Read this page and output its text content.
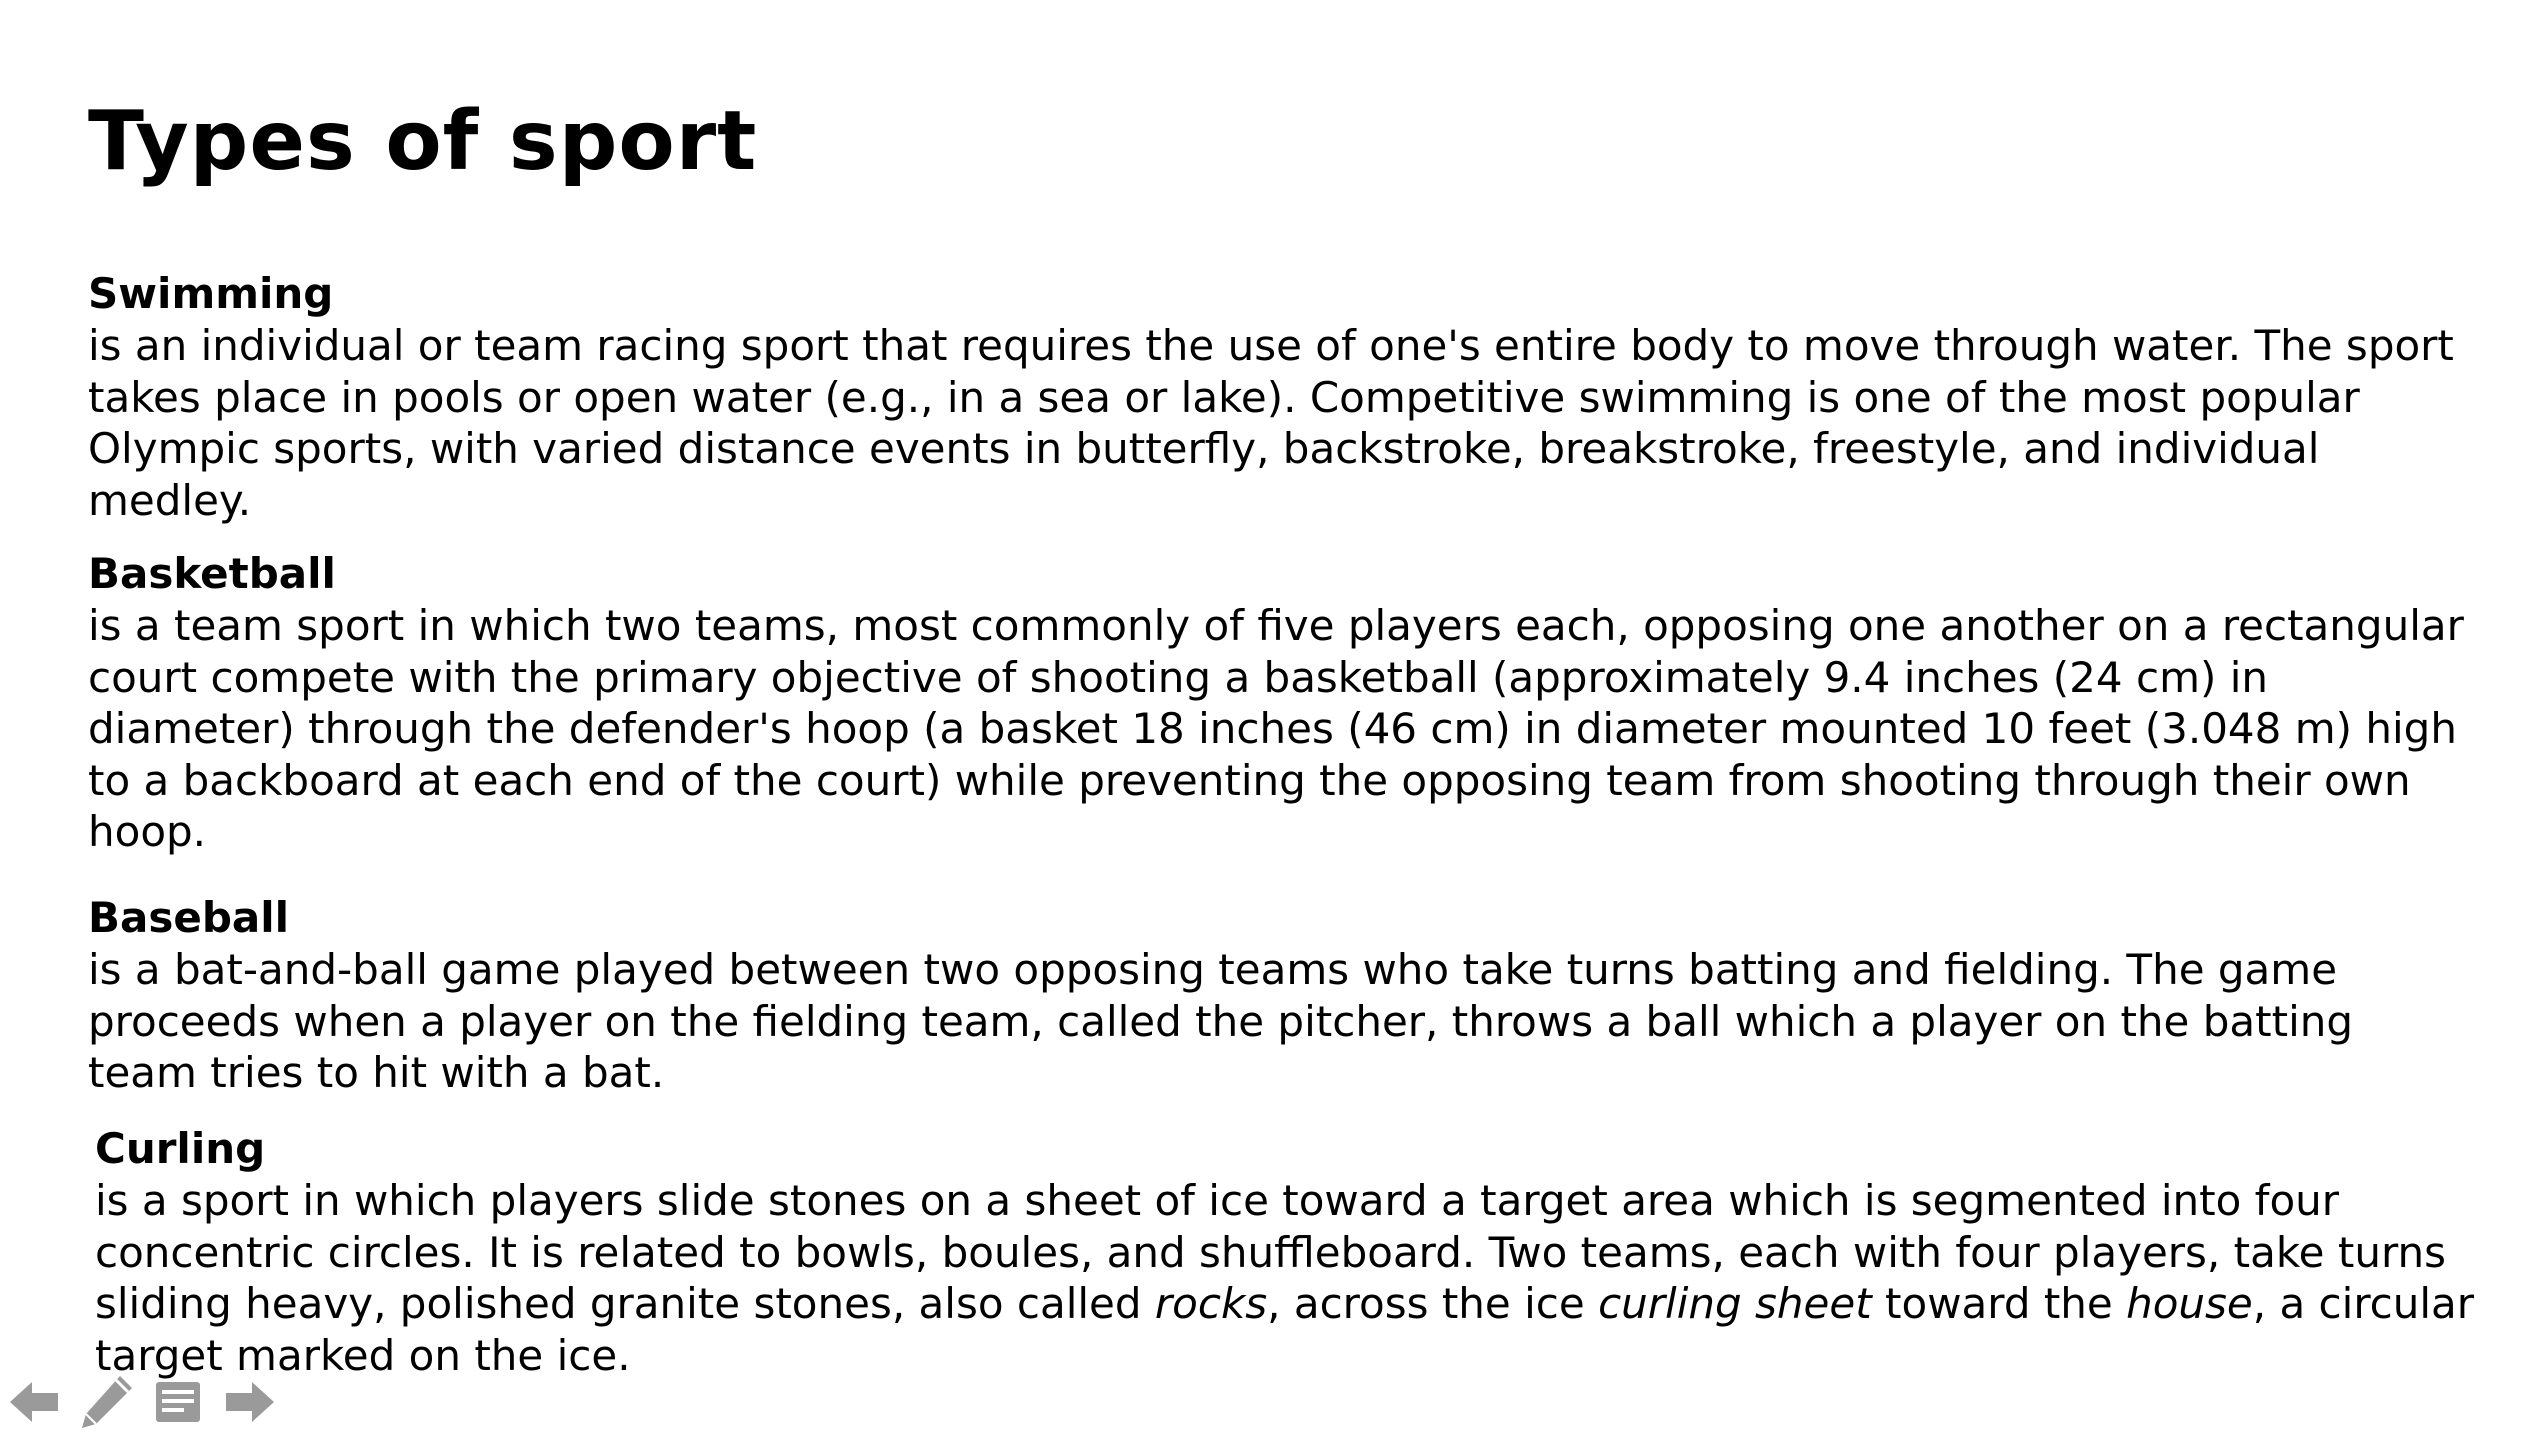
Types of sport

Swimming

is an individual or team racing sport that requires the use of one's entire body to move through water. The sport takes place in pools or open water (e.g., in a sea or lake). Competitive swimming is one of the most popular Olympic sports, with varied distance events in butterfly, backstroke, breakstroke, freestyle, and individual medley.

Basketball

is a team sport in which two teams, most commonly of five players each, opposing one another on a rectangular court compete with the primary objective of shooting a basketball (approximately 9.4 inches (24 cm) in diameter) through the defender's hoop (a basket 18 inches (46 cm) in diameter mounted 10 feet (3.048 m) high to a backboard at each end of the court) while preventing the opposing team from shooting through their own hoop.

Baseball

is a bat-and-ball game played between two opposing teams who take turns batting and fielding. The game proceeds when a player on the fielding team, called the pitcher, throws a ball which a player on the batting team tries to hit with a bat.

Curling

is a sport in which players slide stones on a sheet of ice toward a target area which is segmented into four concentric circles. It is related to bowls, boules, and shuffleboard. Two teams, each with four players, take turns sliding heavy, polished granite stones, also called rocks, across the ice curling sheet toward the house, a circular target marked on the ice.
